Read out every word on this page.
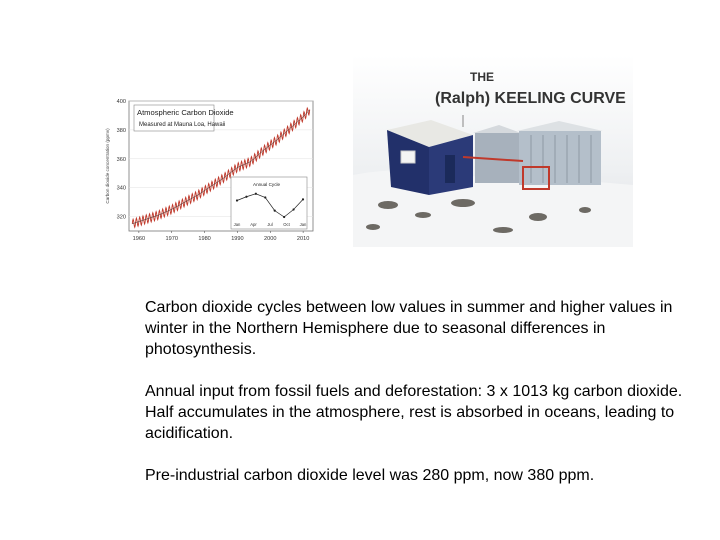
Carbon dioxide concentration (ppmv)
320
340
360
380
400
1960	1970	1980	1990	2000	2010
Atmospheric Carbon Dioxide
Measured at Mauna Loa, Hawaii
Annual Cycle
Jan Apr	Jul	Oct Jan
THE
(Ralph) KEELING CURVE

Carbon dioxide cycles between low values in summer and higher values in winter in the Northern Hemisphere due to seasonal differences in photosynthesis.

Annual input from fossil fuels and deforestation: 3 x 1013 kg carbon dioxide. Half accumulates in the atmosphere, rest is absorbed in oceans, leading to acidification.

Pre-industrial carbon dioxide level was 280 ppm, now 380 ppm.
